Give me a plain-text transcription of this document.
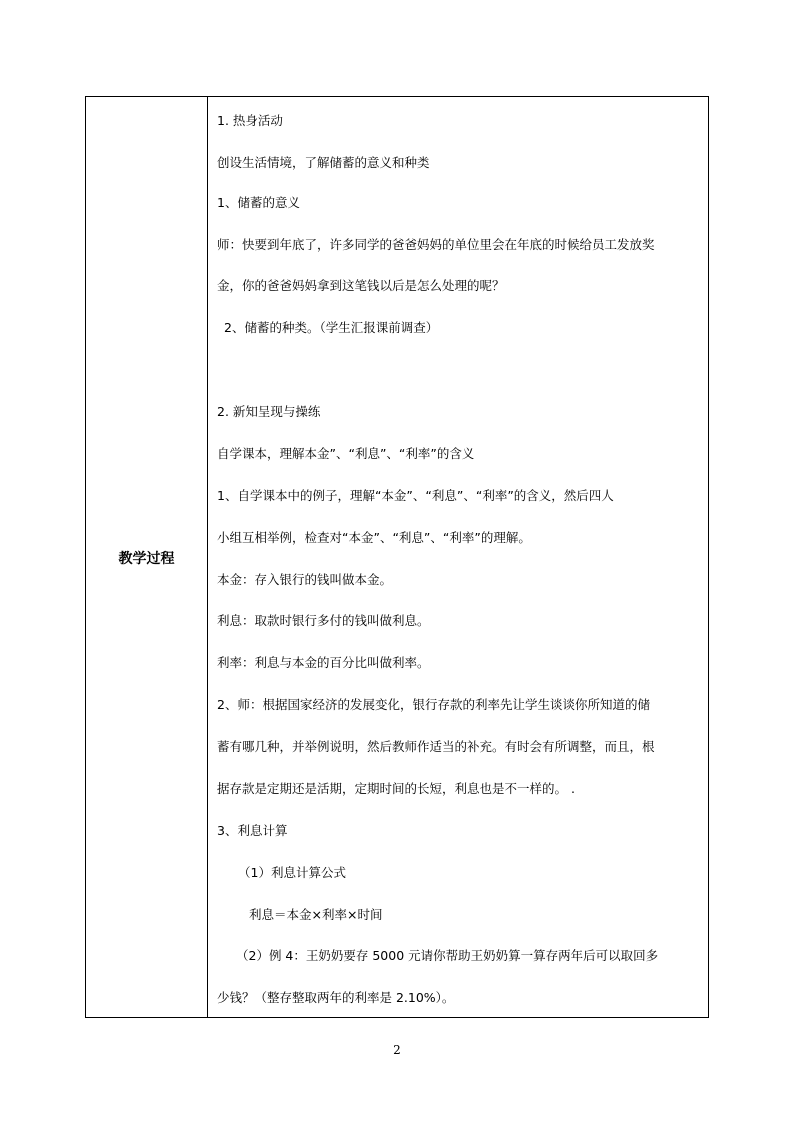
教学过程
1. 热身活动
创设生活情境，了解储蓄的意义和种类
1、储蓄的意义
师：快要到年底了，许多同学的爸爸妈妈的单位里会在年底的时候给员工发放奖
金，你的爸爸妈妈拿到这笔钱以后是怎么处理的呢？
2、储蓄的种类。（学生汇报课前调查）
2. 新知呈现与操练
自学课本，理解本金”、“利息”、“利率”的含义
1、自学课本中的例子，理解“本金”、“利息”、“利率”的含义，然后四人
小组互相举例，检查对“本金”、“利息”、“利率”的理解。
本金：存入银行的钱叫做本金。
利息：取款时银行多付的钱叫做利息。
利率：利息与本金的百分比叫做利率。
2、师：根据国家经济的发展变化，银行存款的利率先让学生谈谈你所知道的储
蓄有哪几种，并举例说明，然后教师作适当的补充。有时会有所调整，而且，根
据存款是定期还是活期，定期时间的长短，利息也是不一样的。 .
3、利息计算
（1）利息计算公式
利息＝本金×利率×时间
（2）例 4：王奶奶要存 5000 元请你帮助王奶奶算一算存两年后可以取回多
少钱？（整存整取两年的利率是 2.10%）。
2
